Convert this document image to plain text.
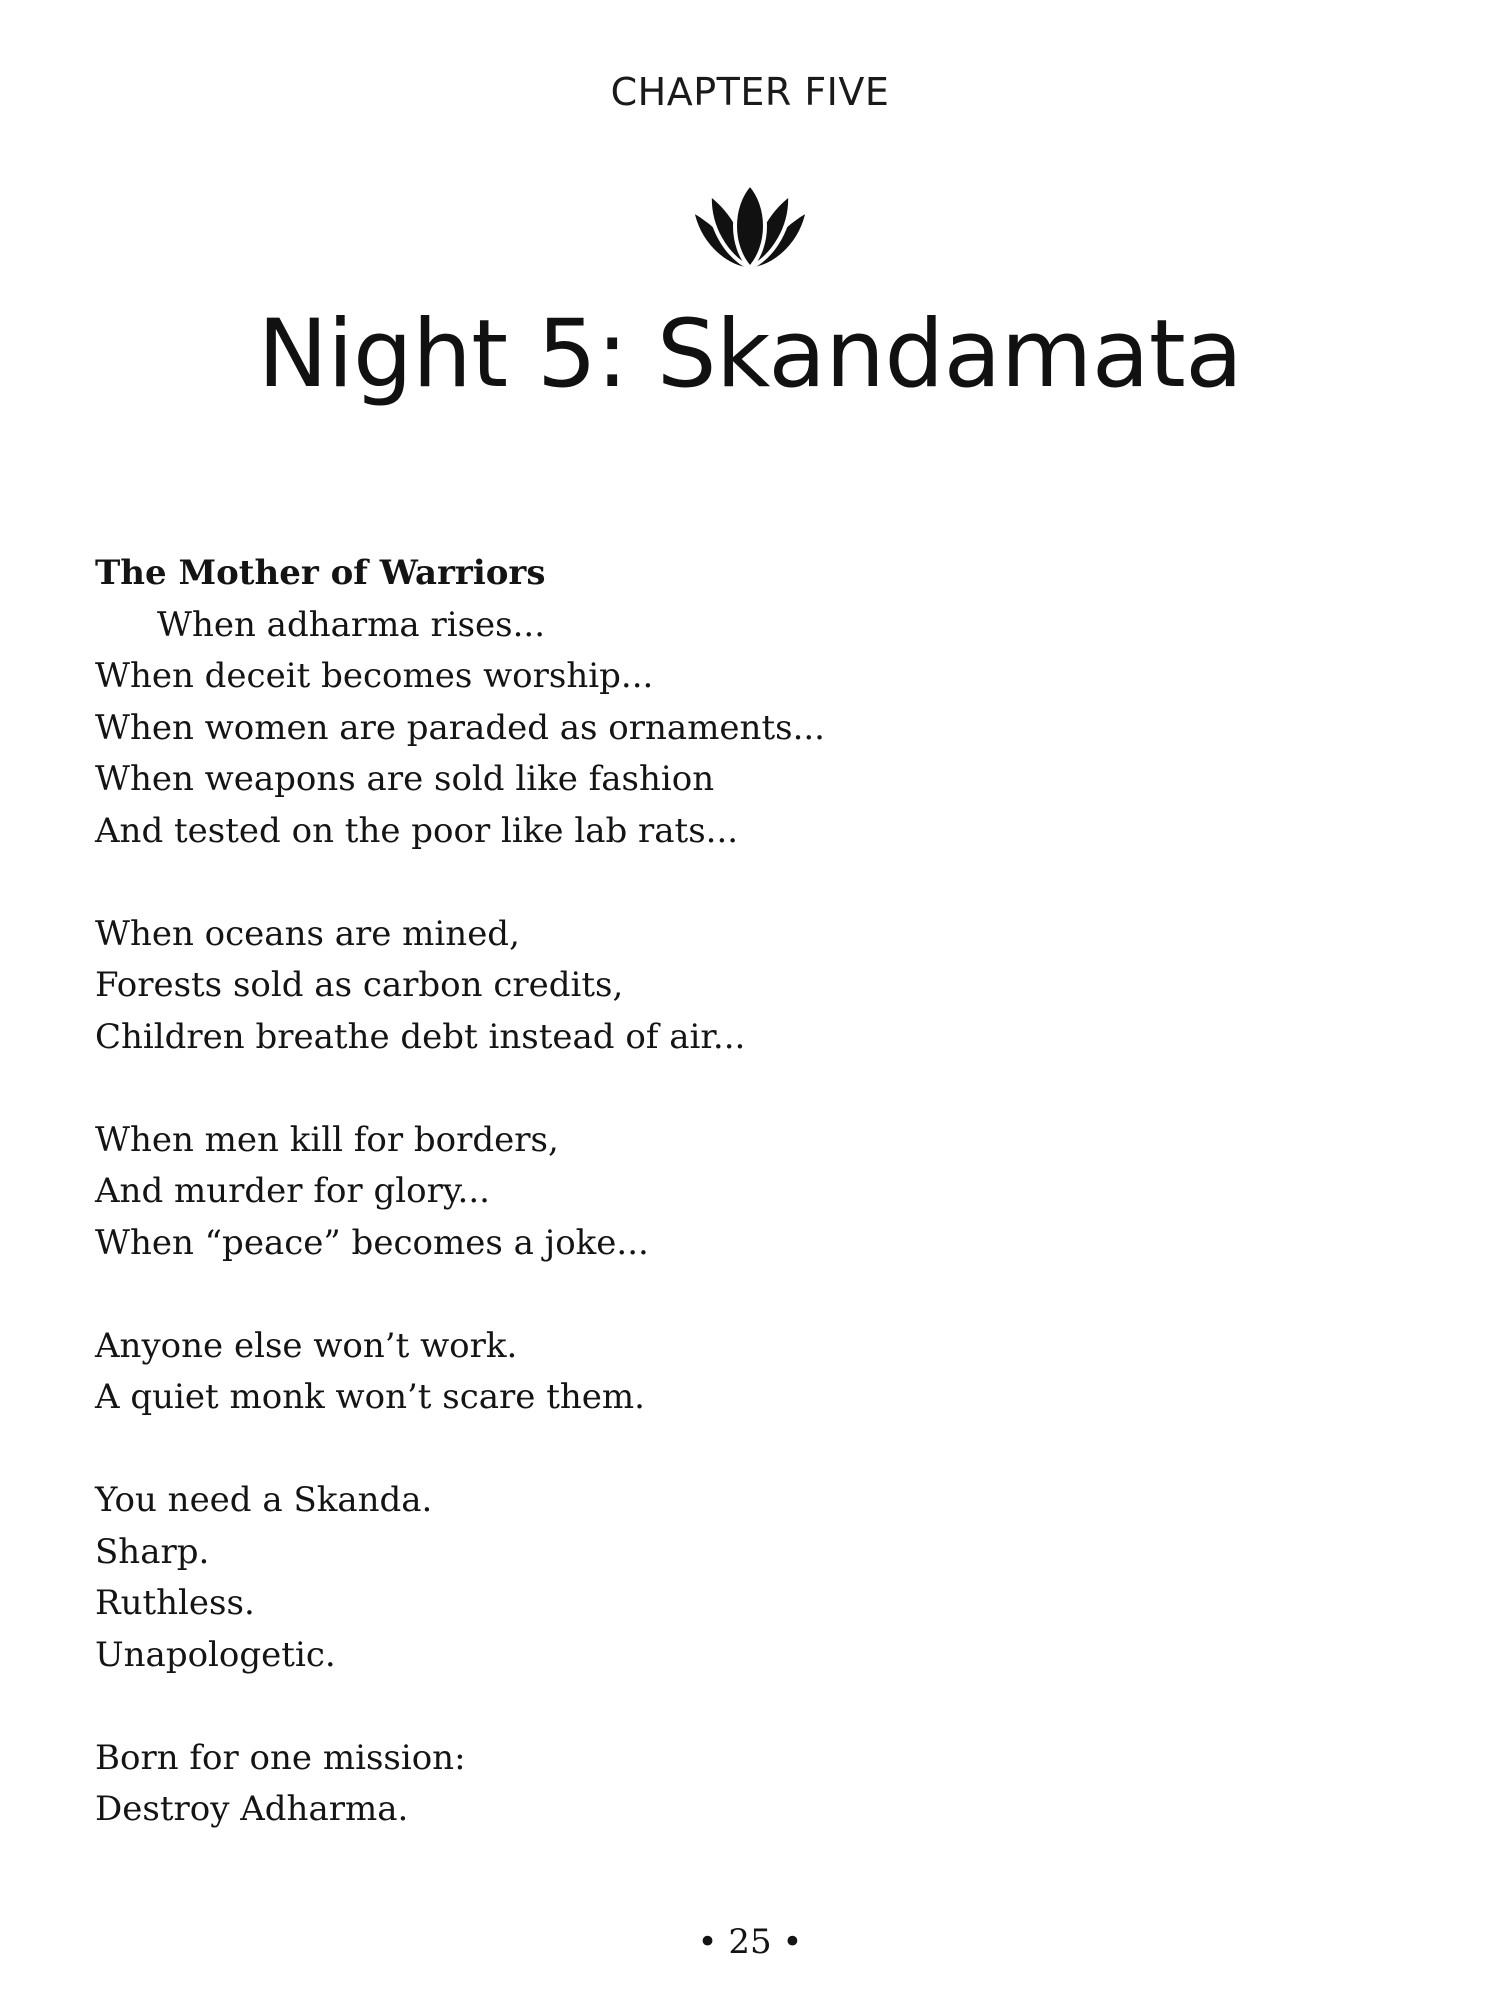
CHAPTER FIVE
Night 5: Skandamata
The Mother of Warriors
When adharma rises...
When deceit becomes worship...
When women are paraded as ornaments...
When weapons are sold like fashion
And tested on the poor like lab rats...
When oceans are mined,
Forests sold as carbon credits,
Children breathe debt instead of air...
When men kill for borders,
And murder for glory...
When “peace” becomes a joke...
Anyone else won’t work.
A quiet monk won’t scare them.
You need a Skanda.
Sharp.
Ruthless.
Unapologetic.
Born for one mission:
Destroy Adharma.
• 25 •
